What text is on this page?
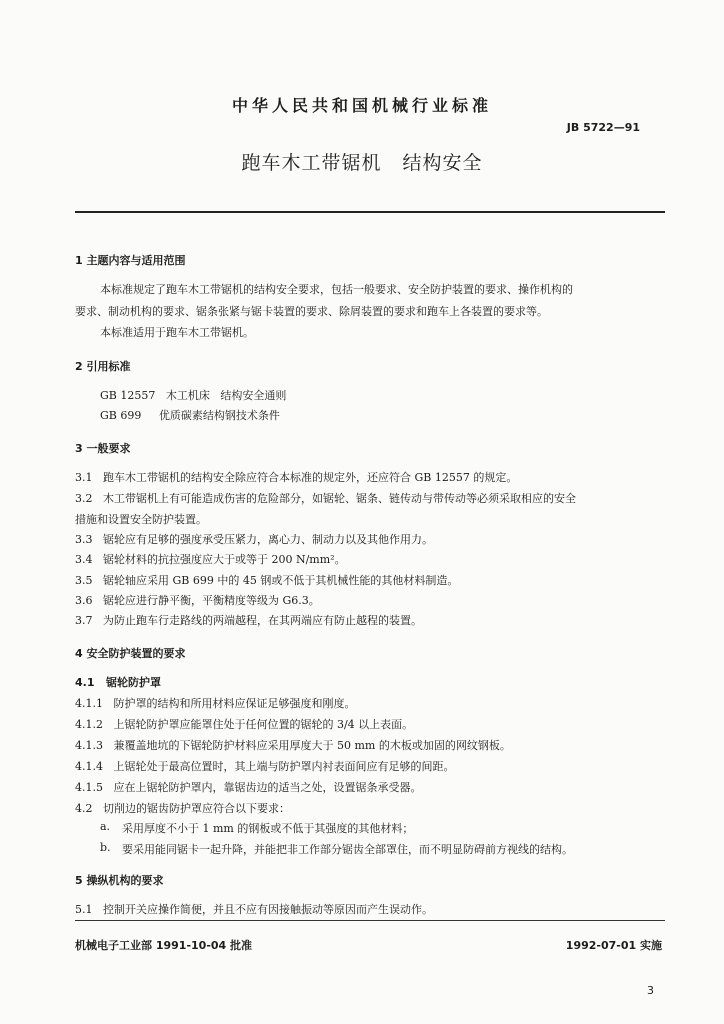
中华人民共和国机械行业标准
JB 5722—91
跑车木工带锯机   结构安全
1 主题内容与适用范围
本标准规定了跑车木工带锯机的结构安全要求，包括一般要求、安全防护装置的要求、操作机构的
要求、制动机构的要求、锯条张紧与锯卡装置的要求、除屑装置的要求和跑车上各装置的要求等。
本标准适用于跑车木工带锯机。
2 引用标准
GB 12557   木工机床   结构安全通则
GB 699     优质碳素结构钢技术条件
3 一般要求
3.1   跑车木工带锯机的结构安全除应符合本标准的规定外，还应符合 GB 12557 的规定。
3.2   木工带锯机上有可能造成伤害的危险部分，如锯轮、锯条、链传动与带传动等必须采取相应的安全
措施和设置安全防护装置。
3.3   锯轮应有足够的强度承受压紧力，离心力、制动力以及其他作用力。
3.4   锯轮材料的抗拉强度应大于或等于 200 N/mm²。
3.5   锯轮轴应采用 GB 699 中的 45 钢或不低于其机械性能的其他材料制造。
3.6   锯轮应进行静平衡，平衡精度等级为 G6.3。
3.7   为防止跑车行走路线的两端越程，在其两端应有防止越程的装置。
4 安全防护装置的要求
4.1   锯轮防护罩
4.1.1   防护罩的结构和所用材料应保证足够强度和刚度。
4.1.2   上锯轮防护罩应能罩住处于任何位置的锯轮的 3/4 以上表面。
4.1.3   兼覆盖地坑的下锯轮防护材料应采用厚度大于 50 mm 的木板或加固的网纹钢板。
4.1.4   上锯轮处于最高位置时，其上端与防护罩内衬表面间应有足够的间距。
4.1.5   应在上锯轮防护罩内，靠锯齿边的适当之处，设置锯条承受器。
4.2   切削边的锯齿防护罩应符合以下要求：
a. 采用厚度不小于 1 mm 的钢板或不低于其强度的其他材料；
b. 要采用能同锯卡一起升降，并能把非工作部分锯齿全部罩住，而不明显防碍前方视线的结构。
5 操纵机构的要求
5.1   控制开关应操作简便，并且不应有因接触振动等原因而产生误动作。
机械电子工业部 1991-10-04 批准	1992-07-01 实施
3
